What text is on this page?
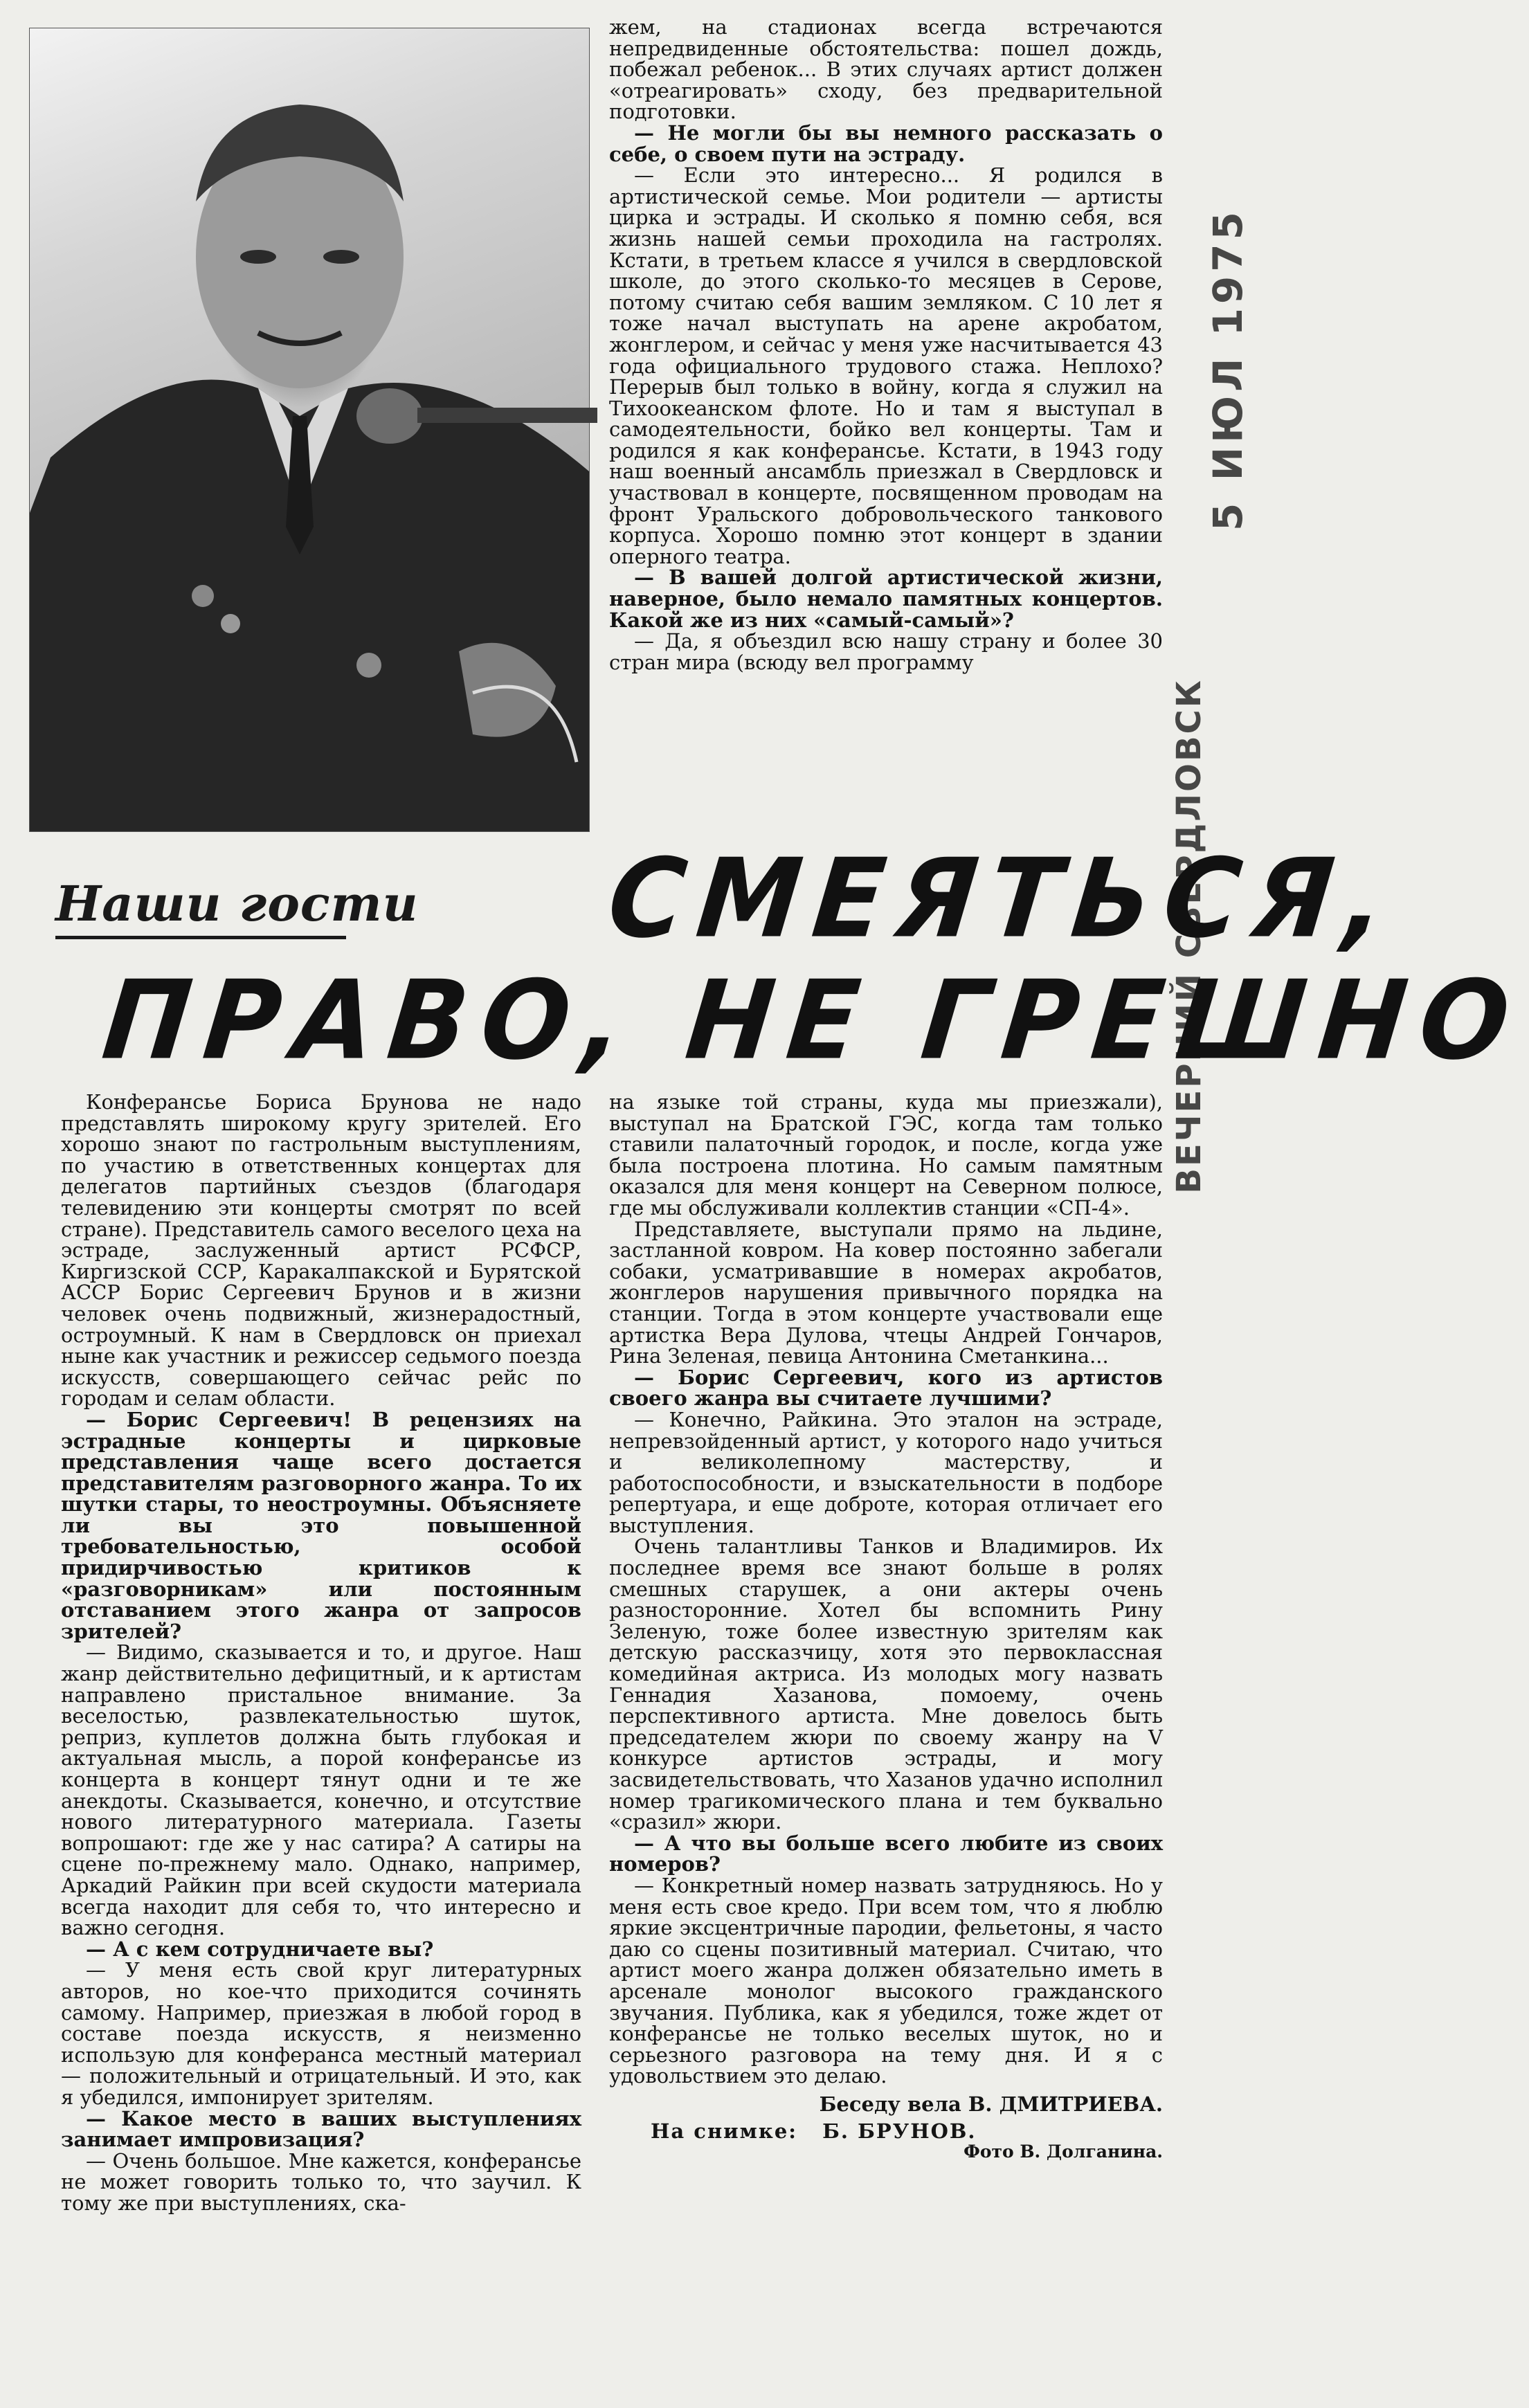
жем, на стадионах всегда встречаются непредвиденные обстоятельства: пошел дождь, побежал ребенок... В этих случаях артист должен «отреагировать» сходу, без предварительной подготовки.

— Не могли бы вы немного рассказать о себе, о своем пути на эстраду.

— Если это интересно... Я родился в артистической семье. Мои родители — артисты цирка и эстрады. И сколько я помню себя, вся жизнь нашей семьи проходила на гастролях. Кстати, в третьем классе я учился в свердловской школе, до этого сколько-то месяцев в Серове, потому считаю себя вашим земляком. С 10 лет я тоже начал выступать на арене акробатом, жонглером, и сейчас у меня уже насчитывается 43 года официального трудового стажа. Неплохо? Перерыв был только в войну, когда я служил на Тихоокеанском флоте. Но и там я выступал в самодеятельности, бойко вел концерты. Там и родился я как конферансье. Кстати, в 1943 году наш военный ансамбль приезжал в Свердловск и участвовал в концерте, посвященном проводам на фронт Уральского добровольческого танкового корпуса. Хорошо помню этот концерт в здании оперного театра.

— В вашей долгой артистической жизни, наверное, было немало памятных концертов. Какой же из них «самый-самый»?

— Да, я объездил всю нашу страну и более 30 стран мира (всюду вел программу

5 ИЮЛ 1975
ВЕЧЕРНИЙ СВЕРДЛОВСК
Наши гости СМЕЯТЬСЯ,
ПРАВО, НЕ ГРЕШНО

Конферансье Бориса Брунова не надо представлять широкому кругу зрителей. Его хорошо знают по гастрольным выступлениям, по участию в ответственных концертах для делегатов партийных съездов (благодаря телевидению эти концерты смотрят по всей стране). Представитель самого веселого цеха на эстраде, заслуженный артист РСФСР, Киргизской ССР, Каракалпакской и Бурятской АССР Борис Сергеевич Брунов и в жизни человек очень подвижный, жизнерадостный, остроумный. К нам в Свердловск он приехал ныне как участник и режиссер седьмого поезда искусств, совершающего сейчас рейс по городам и селам области.

— Борис Сергеевич! В рецензиях на эстрадные концерты и цирковые представления чаще всего достается представителям разговорного жанра. То их шутки стары, то неостроумны. Объясняете ли вы это повышенной требовательностью, особой придирчивостью критиков к «разговорникам» или постоянным отставанием этого жанра от запросов зрителей?

— Видимо, сказывается и то, и другое. Наш жанр действительно дефицитный, и к артистам направлено пристальное внимание. За веселостью, развлекательностью шуток, реприз, куплетов должна быть глубокая и актуальная мысль, а порой конферансье из концерта в концерт тянут одни и те же анекдоты. Сказывается, конечно, и отсутствие нового литературного материала. Газеты вопрошают: где же у нас сатира? А сатиры на сцене по-прежнему мало. Однако, например, Аркадий Райкин при всей скудости материала всегда находит для себя то, что интересно и важно сегодня.

— А с кем сотрудничаете вы?

— У меня есть свой круг литературных авторов, но кое-что приходится сочинять самому. Например, приезжая в любой город в составе поезда искусств, я неизменно использую для конферанса местный материал — положительный и отрицательный. И это, как я убедился, импонирует зрителям.

— Какое место в ваших выступлениях занимает импровизация?

— Очень большое. Мне кажется, конферансье не может говорить только то, что заучил. К тому же при выступлениях, ска-

на языке той страны, куда мы приезжали), выступал на Братской ГЭС, когда там только ставили палаточный городок, и после, когда уже была построена плотина. Но самым памятным оказался для меня концерт на Северном полюсе, где мы обслуживали коллектив станции «СП-4».

Представляете, выступали прямо на льдине, застланной ковром. На ковер постоянно забегали собаки, усматривавшие в номерах акробатов, жонглеров нарушения привычного порядка на станции. Тогда в этом концерте участвовали еще артистка Вера Дулова, чтецы Андрей Гончаров, Рина Зеленая, певица Антонина Сметанкина...

— Борис Сергеевич, кого из артистов своего жанра вы считаете лучшими?

— Конечно, Райкина. Это эталон на эстраде, непревзойденный артист, у которого надо учиться и великолепному мастерству, и работоспособности, и взыскательности в подборе репертуара, и еще доброте, которая отличает его выступления.

Очень талантливы Танков и Владимиров. Их последнее время все знают больше в ролях смешных старушек, а они актеры очень разносторонние. Хотел бы вспомнить Рину Зеленую, тоже более известную зрителям как детскую рассказчицу, хотя это первоклассная комедийная актриса. Из молодых могу назвать Геннадия Хазанова, помоему, очень перспективного артиста. Мне довелось быть председателем жюри по своему жанру на V конкурсе артистов эстрады, и могу засвидетельствовать, что Хазанов удачно исполнил номер трагикомического плана и тем буквально «сразил» жюри.

— А что вы больше всего любите из своих номеров?

— Конкретный номер назвать затрудняюсь. Но у меня есть свое кредо. При всем том, что я люблю яркие эксцентричные пародии, фельетоны, я часто даю со сцены позитивный материал. Считаю, что артист моего жанра должен обязательно иметь в арсенале монолог высокого гражданского звучания. Публика, как я убедился, тоже ждет от конферансье не только веселых шуток, но и серьезного разговора на тему дня. И я с удовольствием это делаю.

Беседу вела В. ДМИТРИЕВА.

На снимке: Б. БРУНОВ.

Фото В. Долганина.
